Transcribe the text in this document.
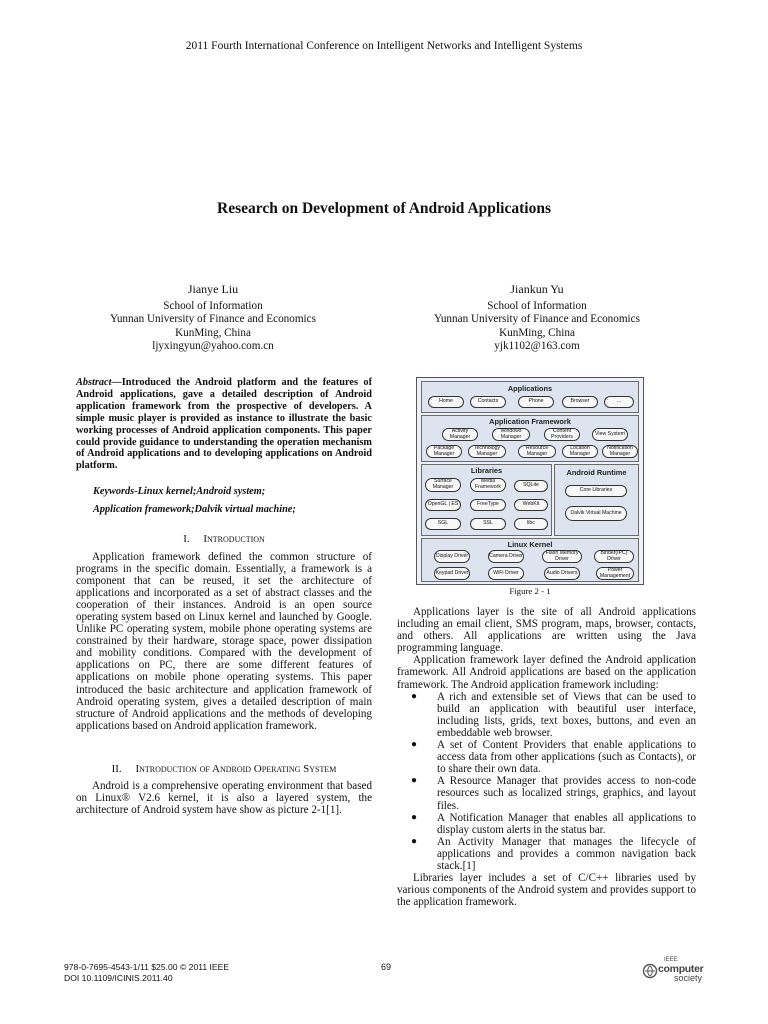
2011 Fourth International Conference on Intelligent Networks and Intelligent Systems
Research on Development of Android Applications
Jianye Liu
School of Information
Yunnan University of Finance and Economics
KunMing, China
ljyxingyun@yahoo.com.cn
Jiankun Yu
School of Information
Yunnan University of Finance and Economics
KunMing, China
yjk1102@163.com
Abstract—Introduced the Android platform and the features of Android applications, gave a detailed description of Android application framework from the prospective of developers. A simple music player is provided as instance to illustrate the basic working processes of Android application components. This paper could provide guidance to understanding the operation mechanism of Android applications and to developing applications on Android platform.
Keywords-Linux kernel;Android system;
Application framework;Dalvik virtual machine;
I. Introduction

Application framework defined the common structure of programs in the specific domain. Essentially, a framework is a component that can be reused, it set the architecture of applications and incorporated as a set of abstract classes and the cooperation of their instances. Android is an open source operating system based on Linux kernel and launched by Google. Unlike PC operating system, mobile phone operating systems are constrained by their hardware, storage space, power dissipation and mobility conditions. Compared with the development of applications on PC, there are some different features of applications on mobile phone operating systems. This paper introduced the basic architecture and application framework of Android operating system, gives a detailed description of main structure of Android applications and the methods of developing applications based on Android application framework.

II. Introduction of Android Operating System

Android is a comprehensive operating environment that based on Linux® V2.6 kernel, it is also a layered system, the architecture of Android system have show as picture 2-1[1].

Applications
Home	Contacts	Phone	Browser	...
Application Framework
Activity Manager
Windows Manager
Content Providers	View System
Package Manager
Technology Manager
Resource Manager
Location Manager
Notification Manager
Libraries
Surface Manager
Media Framework	SQLite
OpenGL | ES	FreeType	WebKit
SGL	SSL	libc
Android Runtime
Core Libraries
Dalvik Virtual Machine
Linux Kernel
Display Driver	Camera Driver	Flash Memory Driver
Binder(IPC) Driver
Keypad Driver	WiFi Driver	Audio Drivers	Power Management
Figure 2 - 1

Applications layer is the site of all Android applications including an email client, SMS program, maps, browser, contacts, and others. All applications are written using the Java programming language.

Application framework layer defined the Android application framework. All Android applications are based on the application framework. The Android application framework including:

● A rich and extensible set of Views that can be used to build an application with beautiful user interface, including lists, grids, text boxes, buttons, and even an embeddable web browser.
● A set of Content Providers that enable applications to access data from other applications (such as Contacts), or to share their own data.
● A Resource Manager that provides access to non-code resources such as localized strings, graphics, and layout files.
● A Notification Manager that enables all applications to display custom alerts in the status bar.
● An Activity Manager that manages the lifecycle of applications and provides a common navigation back stack.[1]

Libraries layer includes a set of C/C++ libraries used by various components of the Android system and provides support to the application framework.

978-0-7695-4543-1/11 $25.00 © 2011 IEEE
DOI 10.1109/ICINIS.2011.40
69
IEEE
computer
society
